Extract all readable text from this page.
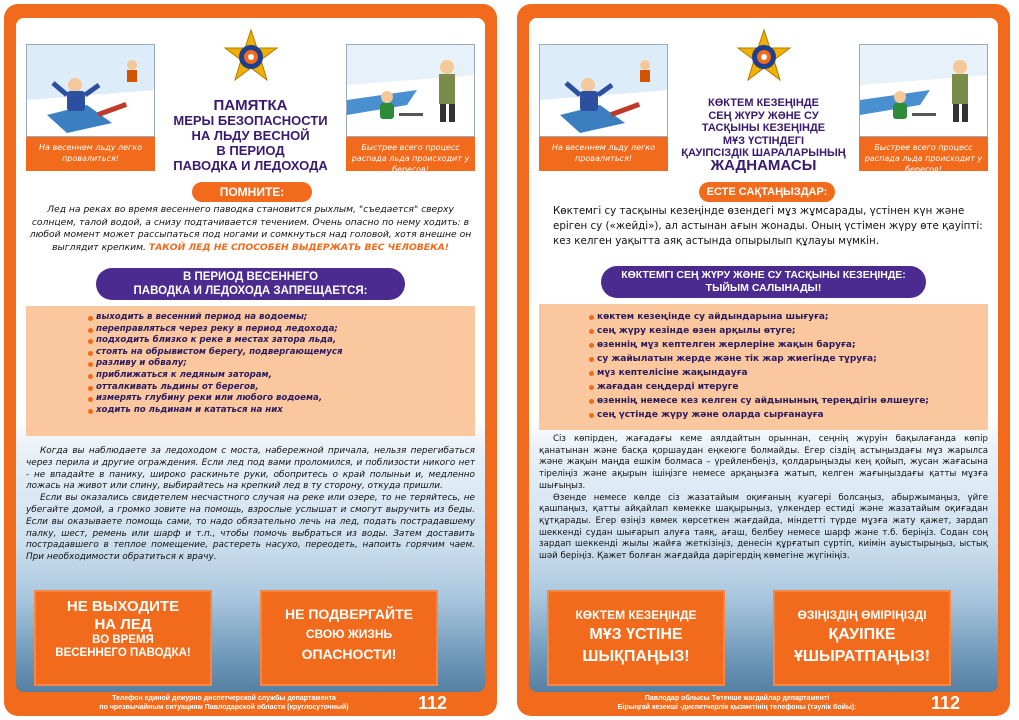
На весеннем льду легко провалиться!
ПАМЯТКА
МЕРЫ БЕЗОПАСНОСТИ
НА ЛЬДУ ВЕСНОЙ
В ПЕРИОД
ПАВОДКА И ЛЕДОХОДА
Быстрее всего процесс распада льда происходит у берегов!
ПОМНИТЕ:
Лед на реках во время весеннего паводка становится рыхлым, "съедается" сверху солнцем, талой водой, а снизу подтачивается течением. Очень опасно по нему ходить: в любой момент может рассыпаться под ногами и сомкнуться над головой, хотя внешне он выглядит крепким. ТАКОЙ ЛЕД НЕ СПОСОБЕН ВЫДЕРЖАТЬ ВЕС ЧЕЛОВЕКА!
В ПЕРИОД ВЕСЕННЕГО
ПАВОДКА И ЛЕДОХОДА ЗАПРЕЩАЕТСЯ:
выходить в весенний период на водоемы;
переправляться через реку в период ледохода;
подходить близко к реке в местах затора льда,
стоять на обрывистом берегу, подвергающемуся
разливу и обвалу;
приближаться к ледяным заторам,
отталкивать льдины от берегов,
измерять глубину реки или любого водоема,
ходить по льдинам и кататься на них

Когда вы наблюдаете за ледоходом с моста, набережной причала, нельзя перегибаться через перила и другие ограждения. Если лед под вами проломился, и поблизости никого нет - не впадайте в панику, широко раскиньте руки, обопритесь о край полыньи и, медленно ложась на живот или спину, выбирайтесь на крепкий лед в ту сторону, откуда пришли.

Если вы оказались свидетелем несчастного случая на реке или озере, то не теряйтесь, не убегайте домой, а громко зовите на помощь, взрослые услышат и смогут выручить из беды. Если вы оказываете помощь сами, то надо обязательно лечь на лед, подать пострадавшему палку, шест, ремень или шарф и т.п., чтобы помочь выбраться из воды. Затем доставить пострадавшего в теплое помещение, растереть насухо, переодеть, напоить горячим чаем. При необходимости обратиться к врачу.

НЕ ВЫХОДИТЕ
НА ЛЕД
ВО ВРЕМЯ
ВЕСЕННЕГО ПАВОДКА!
НЕ ПОДВЕРГАЙТЕ
СВОЮ ЖИЗНЬ
ОПАСНОСТИ!
Телефон единой дежурно диспетчерской службы департамента
по чрезвычайным ситуациям Павлодарской области (круглосуточный)	112
На весеннем льду легко провалиться!
КӨКТЕМ КЕЗЕҢІНДЕ
СЕҢ ЖҮРУ ЖӘНЕ СУ
ТАСҚЫНЫ КЕЗЕҢІНДЕ
МҰЗ ҮСТІНДЕГІ
ҚАУІПСІЗДІК ШАРАЛАРЫНЫҢ
ЖАДНАМАСЫ
Быстрее всего процесс распада льда происходит у берегов!
ЕСТЕ САҚТАҢЫЗДАР:
Көктемгі су тасқыны кезеңінде өзендегі мұз жұмсарады, үстінен күн және еріген су («жейді»), ал астынан ағын жонады. Оның үстімен жүру өте қауіпті: кез келген уақытта аяқ астында опырылып құлауы мүмкін.
КӨКТЕМГІ СЕҢ ЖҮРУ ЖӘНЕ СУ ТАСҚЫНЫ КЕЗЕҢІНДЕ:
ТЫЙЫМ САЛЫНАДЫ!
көктем кезеңінде су айдындарына шығуға;
сең жүру кезінде өзен арқылы өтуге;
өзеннің мұз кептелген жерлеріне жақын баруға;
су жайылатын жерде және тік жар жиегінде тұруға;
мұз кептелісіне жақындауға
жағадан сеңдерді итеруге
өзеннің немесе кез келген су айдынының тереңдігін өлшеуге;
сең үстінде жүру және оларда сырғанауға

Сіз көпірден, жағадағы кеме аялдайтын орыннан, сеңнің жүруін бақылағанда көпір қанатынан және басқа қоршаудан еңкеюге болмайды. Егер сіздің астыңыздағы мұз жарылса және жақын маңда ешкім болмаса – үрейленбеңіз, қолдарыңызды кең қойып, жусан жағасына тіреліңіз және ақырын ішіңізге немесе арқаңызға жатып, келген жағыңыздағы қатты мұзға шығыңыз.

Өзенде немесе көлде сіз жазатайым оқиғаның куәгері болсаңыз, абыржымаңыз, үйге қашпаңыз, қатты айқайлап көмекке шақырыңыз, үлкендер естиді және жазатайым оқиғадан құтқарады. Егер өзіңіз көмек көрсеткен жағдайда, міндетті түрде мұзға жату қажет, зардап шеккенді судан шығарып алуға таяқ, ағаш, белбеу немесе шарф және т.б. беріңіз. Содан соң зардап шеккенді жылы жайға жеткізіңіз, денесін құрғатып сүртіп, киімін ауыстырыңыз, ыстық шәй беріңіз. Қажет болған жағдайда дәрігердің көмегіне жүгініңіз.

КӨКТЕМ КЕЗЕҢІНДЕ
МҰЗ ҮСТІНЕ
ШЫҚПАҢЫЗ!
ӨЗІҢІЗДІҢ ӨМІРІҢІЗДІ
ҚАУІПКЕ
ҰШЫРАТПАҢЫЗ!
Павлодар облысы Төтенше жағдайлар департаменті
Бірыңғай кезекші -диспетчерлік қызметінің телефоны (тәулік бойы):	112
